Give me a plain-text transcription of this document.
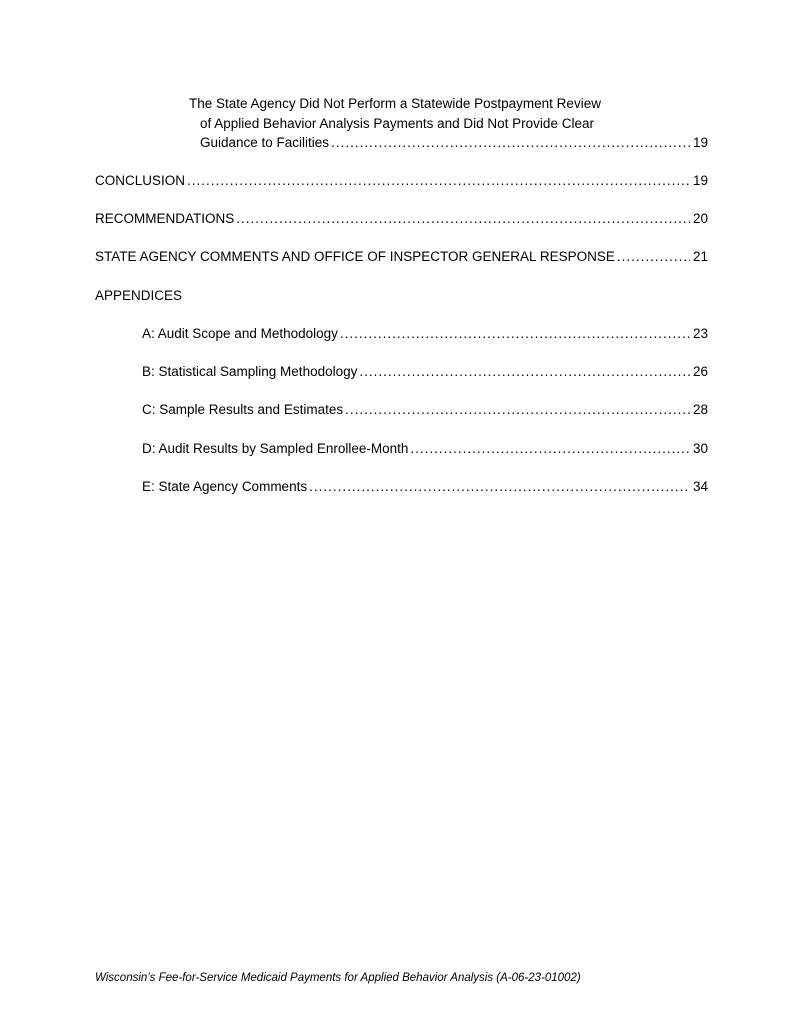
The State Agency Did Not Perform a Statewide Postpayment Review
of Applied Behavior Analysis Payments and Did Not Provide Clear
Guidance to Facilities .....	19
CONCLUSION .....	19
RECOMMENDATIONS .....	20
STATE AGENCY COMMENTS AND OFFICE OF INSPECTOR GENERAL RESPONSE .....	21
APPENDICES
A: Audit Scope and Methodology .....	23
B: Statistical Sampling Methodology .....	26
C: Sample Results and Estimates .....	28
D: Audit Results by Sampled Enrollee-Month .....	30
E: State Agency Comments .....	34
Wisconsin’s Fee-for-Service Medicaid Payments for Applied Behavior Analysis (A-06-23-01002)
